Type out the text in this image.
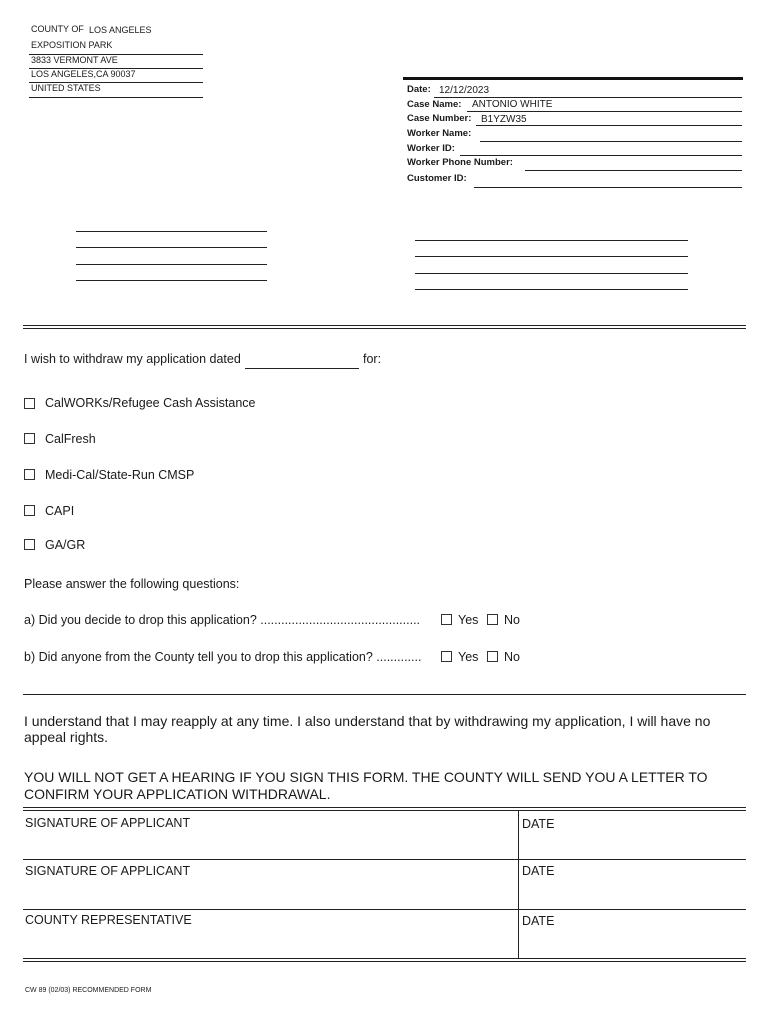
COUNTY OF LOS ANGELES
EXPOSITION PARK
3833 VERMONT AVE
LOS ANGELES,CA 90037
UNITED STATES	Date: 12/12/2023
Case Name: ANTONIO WHITE
Case Number: B1YZW35
Worker Name:
Worker ID:
Worker Phone Number:
Customer ID:
I wish to withdraw my application dated	for:
CalWORKs/Refugee Cash Assistance
CalFresh
Medi-Cal/State-Run CMSP
CAPI
GA/GR
Please answer the following questions:
a) Did you decide to drop this application? ..............................................	Yes No
b) Did anyone from the County tell you to drop this application? .............	Yes No
I understand that I may reapply at any time. I also understand that by withdrawing my application, I will have no appeal rights.
YOU WILL NOT GET A HEARING IF YOU SIGN THIS FORM. THE COUNTY WILL SEND YOU A LETTER TO CONFIRM YOUR APPLICATION WITHDRAWAL.
SIGNATURE OF APPLICANT	DATE
SIGNATURE OF APPLICANT	DATE
COUNTY REPRESENTATIVE	DATE
CW 89 (02/03) RECOMMENDED FORM
